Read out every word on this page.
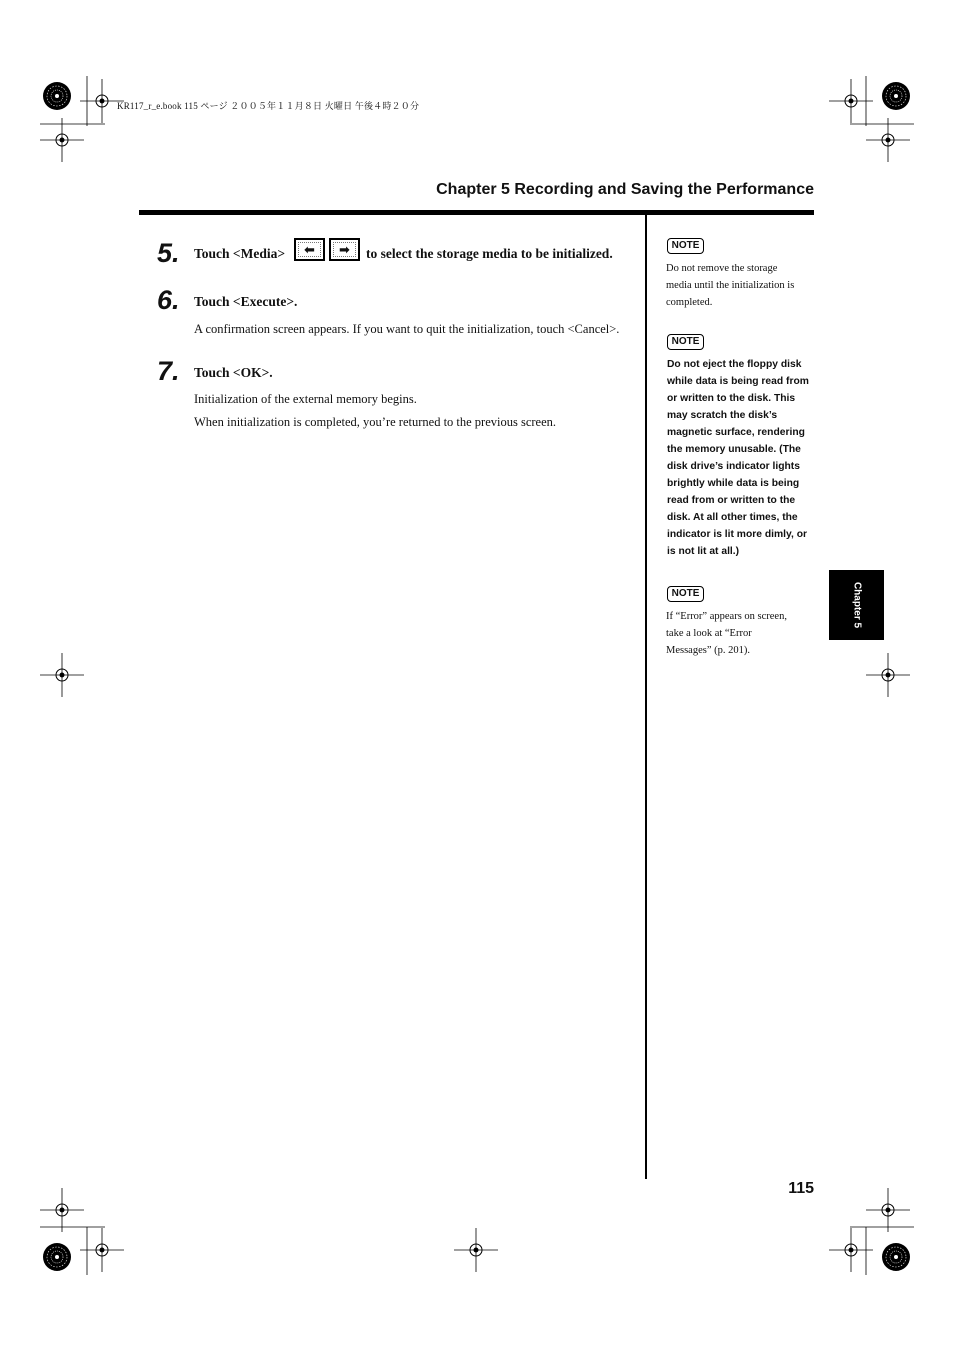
KR117_r_e.book 115 ページ ２００５年１１月８日 火曜日 午後４時２０分
Chapter 5 Recording and Saving the Performance
5. Touch <Media> ⬅ ➡ to select the storage media to be initialized.
6. Touch <Execute>.
A confirmation screen appears. If you want to quit the initialization, touch <Cancel>.
7. Touch <OK>.
Initialization of the external memory begins.
When initialization is completed, you’re returned to the previous screen.
NOTE
Do not remove the storage
media until the initialization is
completed.
NOTE
Do not eject the floppy disk
while data is being read from
or written to the disk. This
may scratch the disk’s
magnetic surface, rendering
the memory unusable. (The
disk drive’s indicator lights
brightly while data is being
read from or written to the
disk. At all other times, the
indicator is lit more dimly, or
is not lit at all.)
NOTE
If “Error” appears on screen,
take a look at “Error
Messages” (p. 201).
Chapter 5
115
